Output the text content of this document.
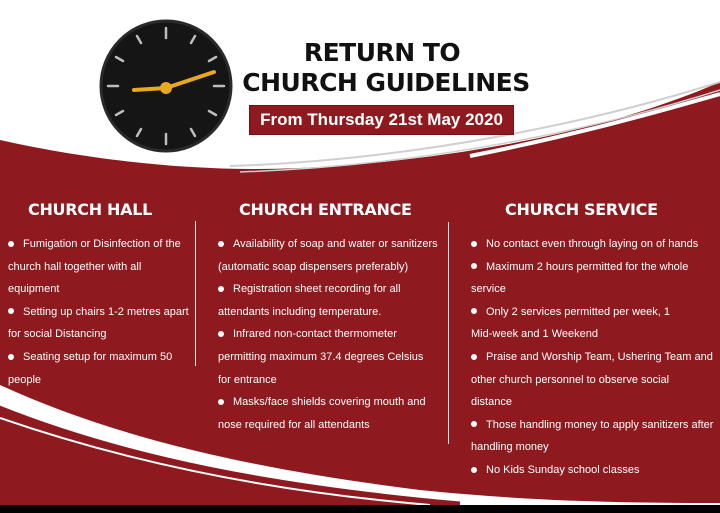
RETURN TO
CHURCH GUIDELINES
From Thursday 21st May 2020
CHURCH HALL
Fumigation or Disinfection of the
church hall together with all
equipment
Setting up chairs 1-2 metres apart
for social Distancing
Seating setup for maximum 50
people
CHURCH ENTRANCE
Availability of soap and water or sanitizers
(automatic soap dispensers preferably)
Registration sheet recording for all
attendants including temperature.
Infrared non-contact thermometer
permitting maximum 37.4 degrees Celsius
for entrance
Masks/face shields covering mouth and
nose required for all attendants
CHURCH SERVICE
No contact even through laying on of hands
Maximum 2 hours permitted for the whole
service
Only 2 services permitted per week, 1
Mid-week and 1 Weekend
Praise and Worship Team, Ushering Team and
other church personnel to observe social
distance
Those handling money to apply sanitizers after
handling money
No Kids Sunday school classes
